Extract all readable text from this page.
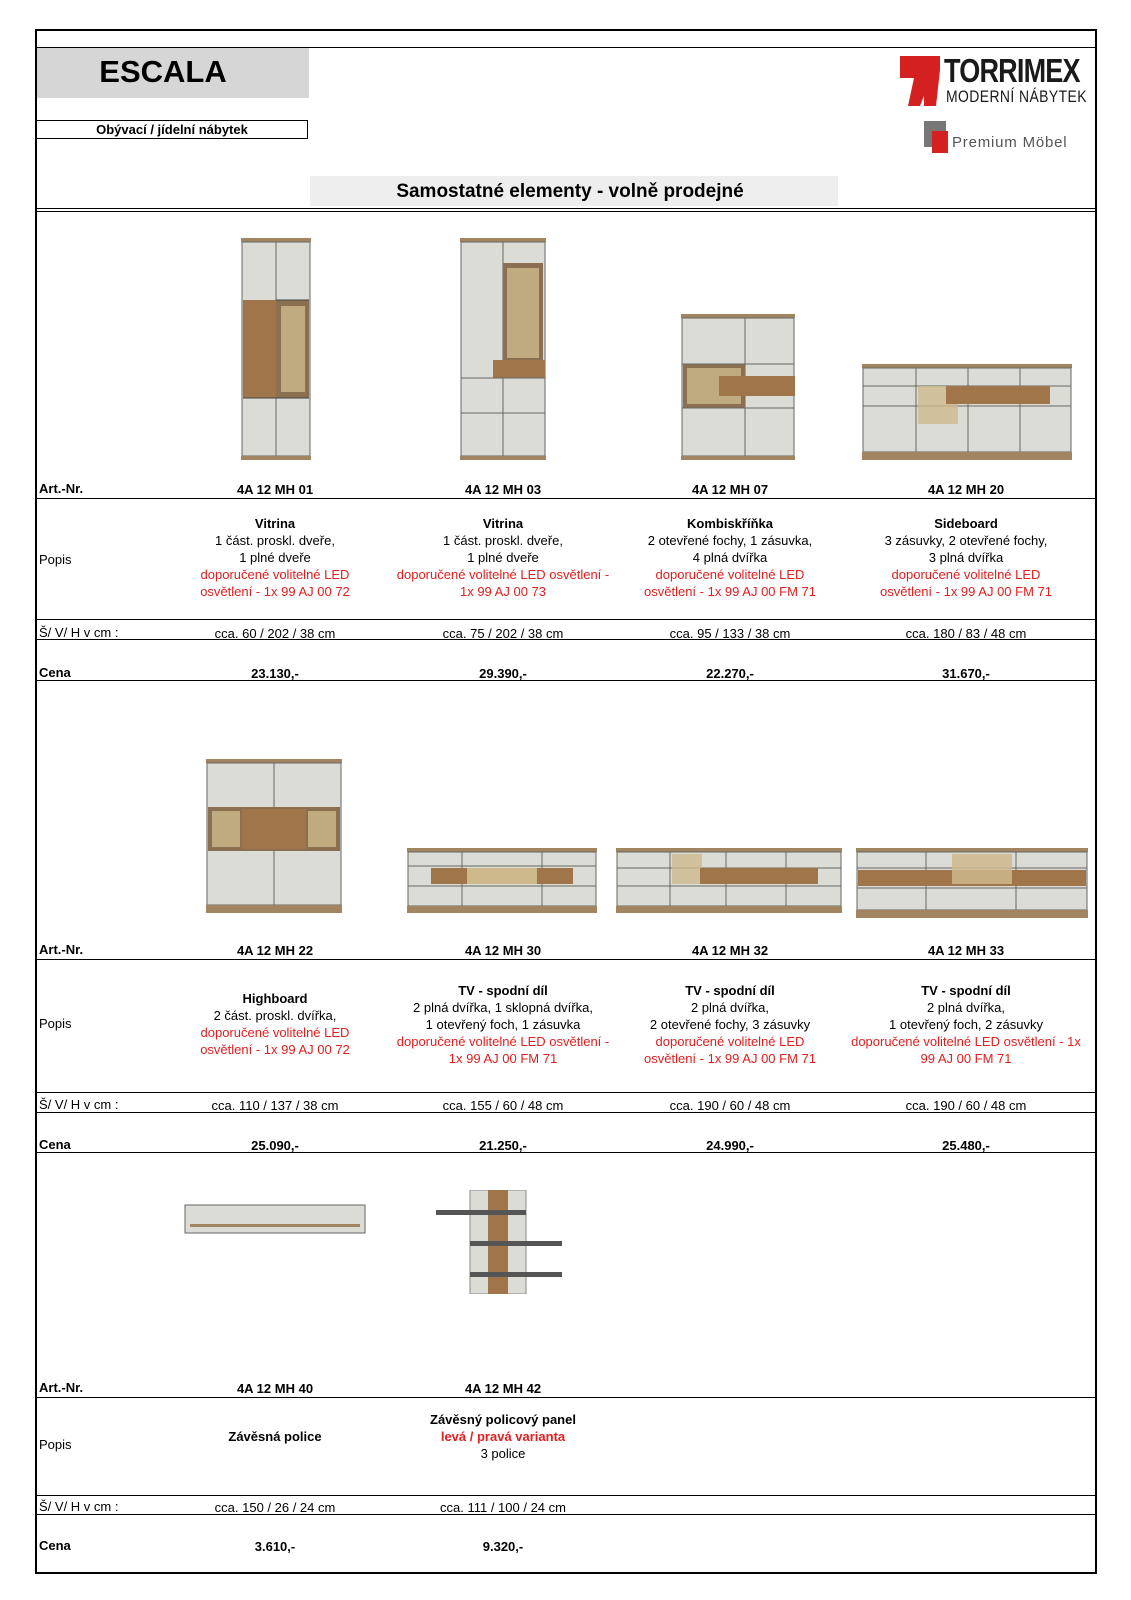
ESCALA
Obývací / jídelní nábytek
TORRIMEX
MODERNÍ NÁBYTEK
Premium Möbel
Samostatné elementy - volně prodejné
Art.-Nr.
Popis
Š/ V/ H v cm :
Cena
4A 12 MH 01
Vitrina
1 část. proskl. dveře,
1 plné dveře
doporučené volitelné LED
osvětlení - 1x 99 AJ 00 72
cca. 60 / 202 / 38 cm
23.130,-
4A 12 MH 03
Vitrina
1 část. proskl. dveře,
1 plné dveře
doporučené volitelné LED osvětlení -
1x 99 AJ 00 73
cca. 75 / 202 / 38 cm
29.390,-
4A 12 MH 07
Kombiskříňka
2 otevřené fochy, 1 zásuvka,
4 plná dvířka
doporučené volitelné LED
osvětlení - 1x 99 AJ 00 FM 71
cca. 95 / 133 / 38 cm
22.270,-
4A 12 MH 20
Sideboard
3 zásuvky, 2 otevřené fochy,
3 plná dvířka
doporučené volitelné LED
osvětlení - 1x 99 AJ 00 FM 71
cca. 180 / 83 / 48 cm
31.670,-
Art.-Nr.
Popis
Š/ V/ H v cm :
Cena
4A 12 MH 22
Highboard
2 část. proskl. dvířka,
doporučené volitelné LED
osvětlení - 1x 99 AJ 00 72
cca. 110 / 137 / 38 cm
25.090,-
4A 12 MH 30
TV - spodní díl
2 plná dvířka, 1 sklopná dvířka,
1 otevřený foch, 1 zásuvka
doporučené volitelné LED osvětlení -
1x 99 AJ 00 FM 71
cca. 155 / 60 / 48 cm
21.250,-
4A 12 MH 32
TV - spodní díl
2 plná dvířka,
2 otevřené fochy, 3 zásuvky
doporučené volitelné LED
osvětlení - 1x 99 AJ 00 FM 71
cca. 190 / 60 / 48 cm
24.990,-
4A 12 MH 33
TV - spodní díl
2 plná dvířka,
1 otevřený foch, 2 zásuvky
doporučené volitelné LED osvětlení - 1x
99 AJ 00 FM 71
cca. 190 / 60 / 48 cm
25.480,-
Art.-Nr.
Popis
Š/ V/ H v cm :
Cena
4A 12 MH 40
Závěsná police
cca. 150 / 26 / 24 cm
3.610,-
4A 12 MH 42
Závěsný policový panel
levá / pravá varianta
3 police
cca. 111 / 100 / 24 cm
9.320,-
